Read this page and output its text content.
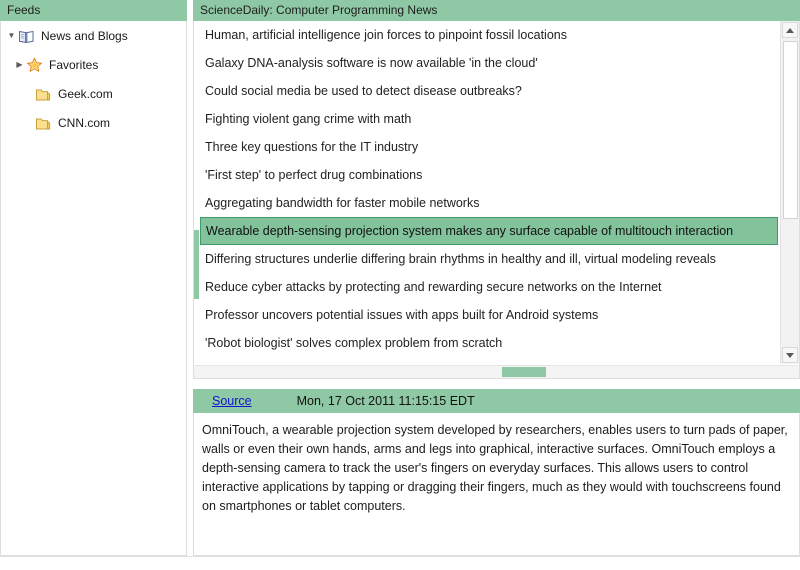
Feeds
▼ News and Blogs
▶ Favorites
Geek.com
CNN.com
ScienceDaily: Computer Programming News
Human, artificial intelligence join forces to pinpoint fossil locations
Galaxy DNA-analysis software is now available 'in the cloud'
Could social media be used to detect disease outbreaks?
Fighting violent gang crime with math
Three key questions for the IT industry
'First step' to perfect drug combinations
Aggregating bandwidth for faster mobile networks
Wearable depth-sensing projection system makes any surface capable of multitouch interaction
Differing structures underlie differing brain rhythms in healthy and ill, virtual modeling reveals
Reduce cyber attacks by protecting and rewarding secure networks on the Internet
Professor uncovers potential issues with apps built for Android systems
'Robot biologist' solves complex problem from scratch
Source	Mon, 17 Oct 2011 11:15:15 EDT

OmniTouch, a wearable projection system developed by researchers, enables users to turn pads of paper, walls or even their own hands, arms and legs into graphical, interactive surfaces. OmniTouch employs a depth-sensing camera to track the user's fingers on everyday surfaces. This allows users to control interactive applications by tapping or dragging their fingers, much as they would with touchscreens found on smartphones or tablet computers.
